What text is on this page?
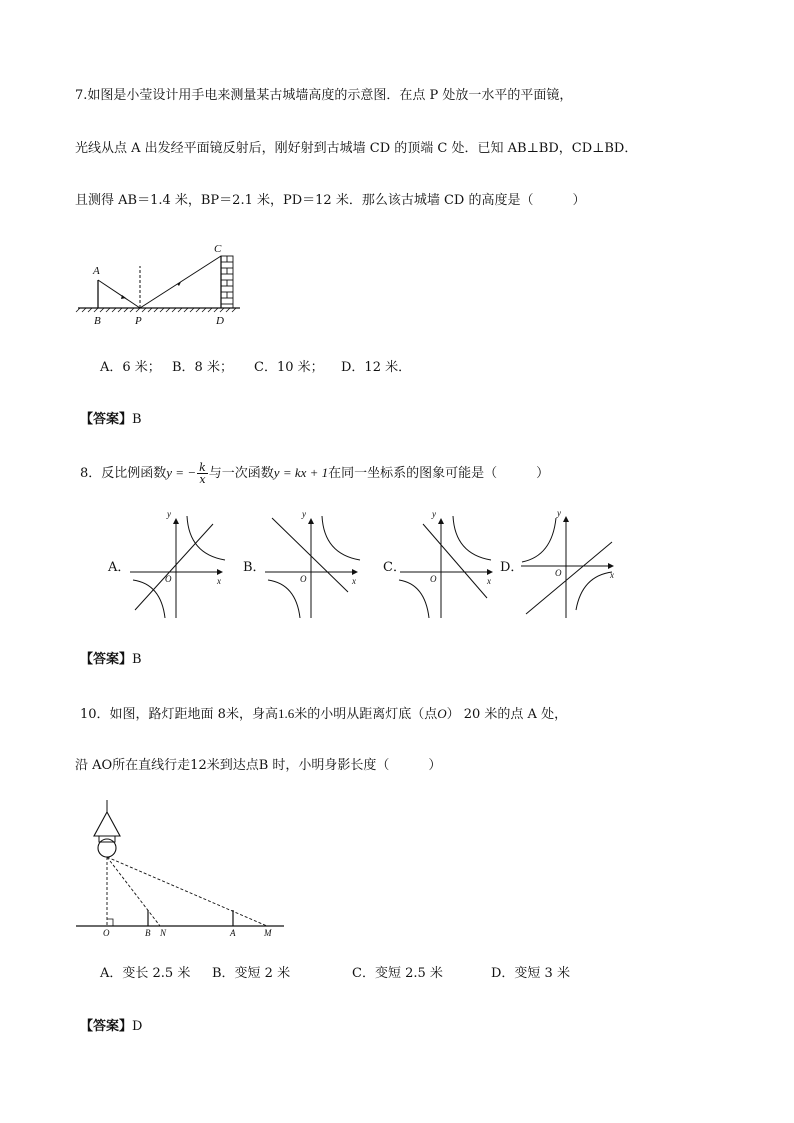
7.如图是小莹设计用手电来测量某古城墙高度的示意图．在点 P 处放一水平的平面镜，
光线从点 A 出发经平面镜反射后，刚好射到古城墙 CD 的顶端 C 处．已知 AB⊥BD，CD⊥BD．
且测得 AB＝1.4 米，BP＝2.1 米，PD＝12 米．那么该古城墙 CD 的高度是（　　　）
A
B	P
C
D
A．6 米； B．8 米； C．10 米； D．12 米．
【答案】B
8．反比例函数y = − $\frac{k}{x}$ 与一次函数y = kx + 1在同一坐标系的图象可能是（　　　）
A．
y
x
O
B．
y
x
O
C．
y
x
O
D．
y
x
O
【答案】B
10．如图，路灯距地面 8米，身高1.6米的小明从距离灯底（点O） 20 米的点 A 处，
沿 AO所在直线行走12米到达点B 时，小明身影长度（　　　）
O	B N	A	M
A．变长 2.5 米 B．变短 2 米	C．变短 2.5 米	D．变短 3 米
【答案】D
